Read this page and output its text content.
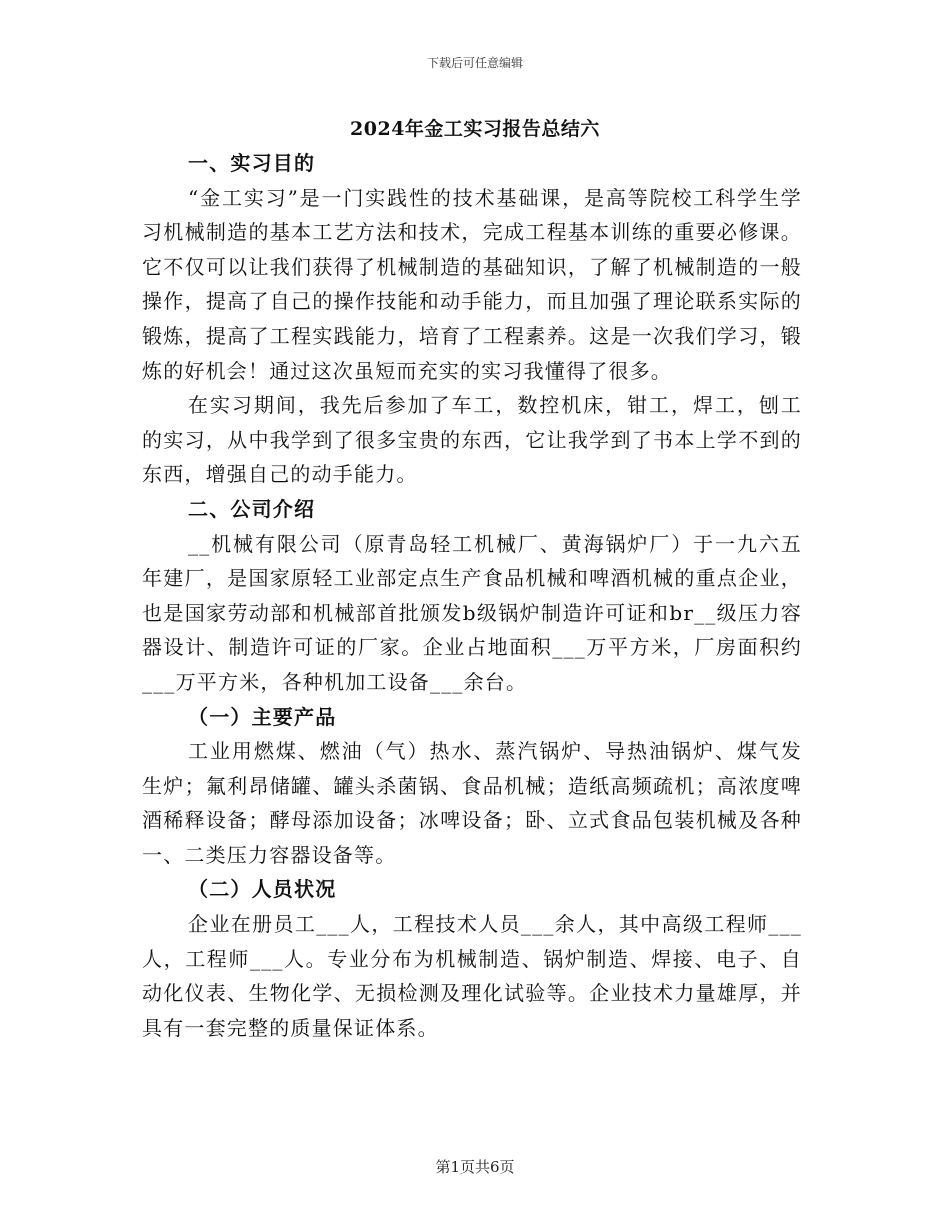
下载后可任意编辑
2024年金工实习报告总结六

一、实习目的

“金工实习”是一门实践性的技术基础课，是高等院校工科学生学习机械制造的基本工艺方法和技术，完成工程基本训练的重要必修课。它不仅可以让我们获得了机械制造的基础知识，了解了机械制造的一般操作，提高了自己的操作技能和动手能力，而且加强了理论联系实际的锻炼，提高了工程实践能力，培育了工程素养。这是一次我们学习，锻炼的好机会！通过这次虽短而充实的实习我懂得了很多。

在实习期间，我先后参加了车工，数控机床，钳工，焊工，刨工的实习，从中我学到了很多宝贵的东西，它让我学到了书本上学不到的东西，增强自己的动手能力。

二、公司介绍

__机械有限公司（原青岛轻工机械厂、黄海锅炉厂）于一九六五年建厂，是国家原轻工业部定点生产食品机械和啤酒机械的重点企业，也是国家劳动部和机械部首批颁发b级锅炉制造许可证和br__级压力容器设计、制造许可证的厂家。企业占地面积___万平方米，厂房面积约___万平方米，各种机加工设备___余台。

（一）主要产品

工业用燃煤、燃油（气）热水、蒸汽锅炉、导热油锅炉、煤气发生炉；氟利昂储罐、罐头杀菌锅、食品机械；造纸高频疏机；高浓度啤酒稀释设备；酵母添加设备；冰啤设备；卧、立式食品包装机械及各种一、二类压力容器设备等。

（二）人员状况

企业在册员工___人，工程技术人员___余人，其中高级工程师___人，工程师___人。专业分布为机械制造、锅炉制造、焊接、电子、自动化仪表、生物化学、无损检测及理化试验等。企业技术力量雄厚，并具有一套完整的质量保证体系。

第1页共6页
